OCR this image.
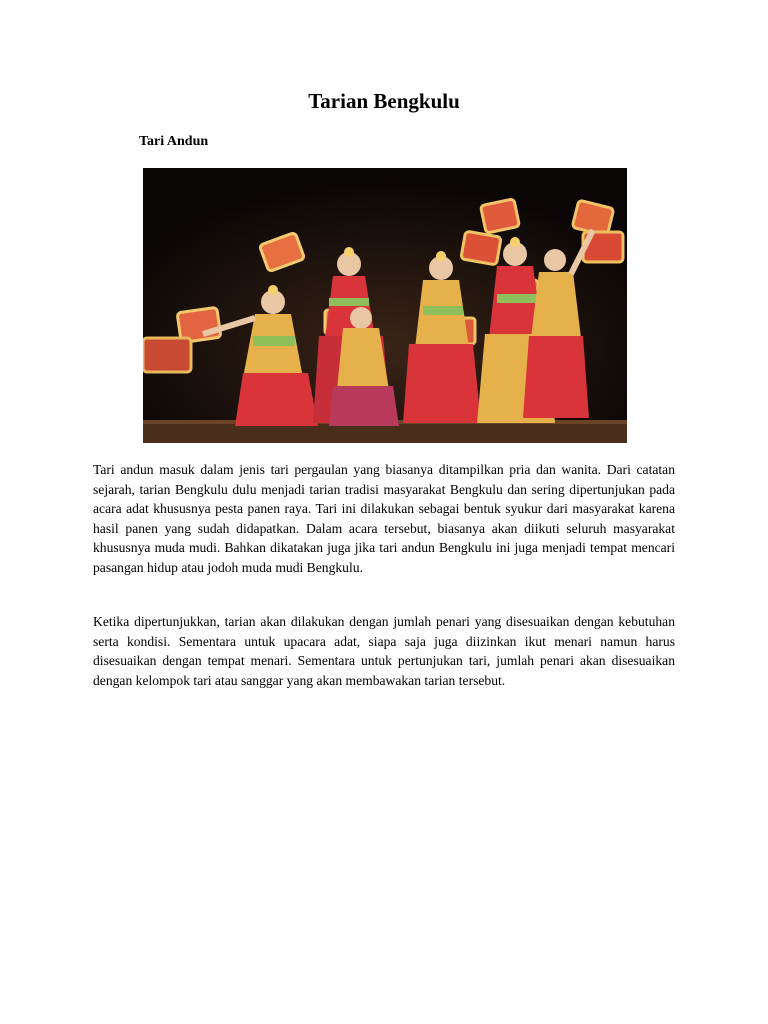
Tarian Bengkulu
Tari Andun

Tari andun masuk dalam jenis tari pergaulan yang biasanya ditampilkan pria dan wanita. Dari catatan sejarah, tarian Bengkulu dulu menjadi tarian tradisi masyarakat Bengkulu dan sering dipertunjukan pada acara adat khususnya pesta panen raya. Tari ini dilakukan sebagai bentuk syukur dari masyarakat karena hasil panen yang sudah didapatkan. Dalam acara tersebut, biasanya akan diikuti seluruh masyarakat khususnya muda mudi. Bahkan dikatakan juga jika tari andun Bengkulu ini juga menjadi tempat mencari pasangan hidup atau jodoh muda mudi Bengkulu.

Ketika dipertunjukkan, tarian akan dilakukan dengan jumlah penari yang disesuaikan dengan kebutuhan serta kondisi. Sementara untuk upacara adat, siapa saja juga diizinkan ikut menari namun harus disesuaikan dengan tempat menari. Sementara untuk pertunjukan tari, jumlah penari akan disesuaikan dengan kelompok tari atau sanggar yang akan membawakan tarian tersebut.
